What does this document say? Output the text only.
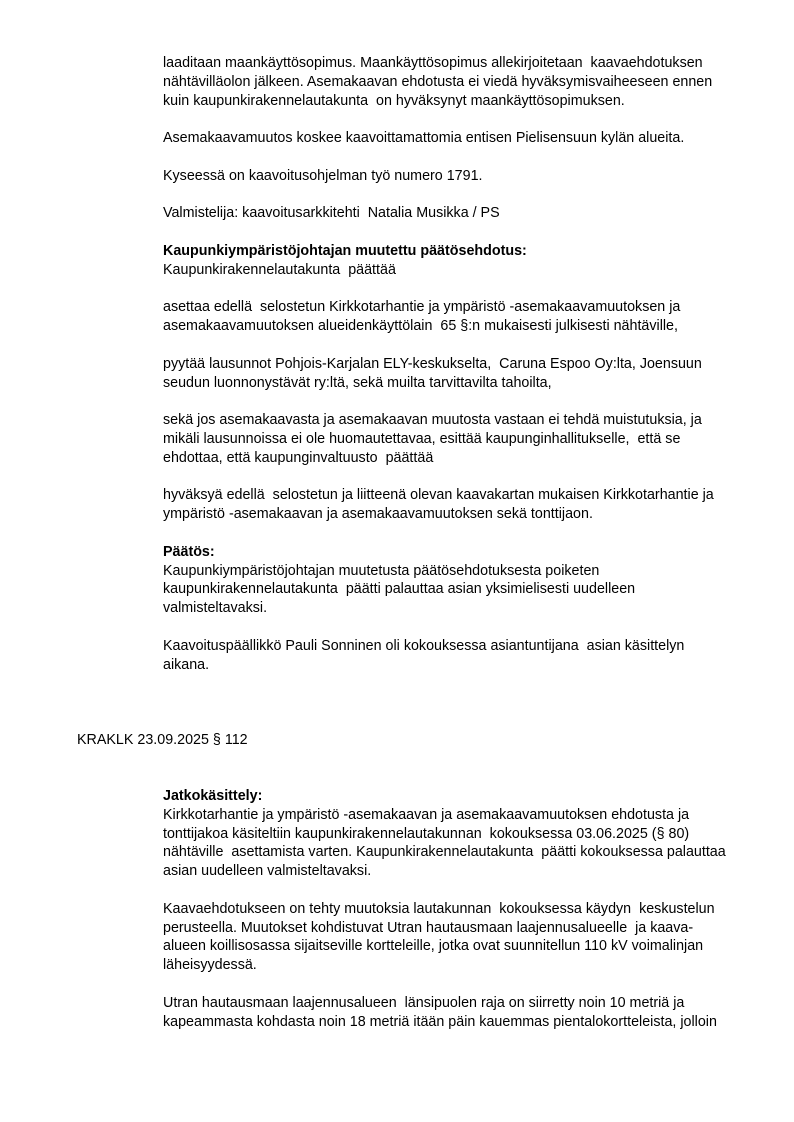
laaditaan maankäyttösopimus. Maankäyttösopimus allekirjoitetaan  kaavaehdotuksen
nähtävilläolon jälkeen. Asemakaavan ehdotusta ei viedä hyväksymisvaiheeseen ennen
kuin kaupunkirakennelautakunta  on hyväksynyt maankäyttösopimuksen.
Asemakaavamuutos koskee kaavoittamattomia entisen Pielisensuun kylän alueita.
Kyseessä on kaavoitusohjelman työ numero 1791.
Valmistelija: kaavoitusarkkitehti  Natalia Musikka / PS
Kaupunkiympäristöjohtajan muutettu päätösehdotus:
Kaupunkirakennelautakunta  päättää
asettaa edellä  selostetun Kirkkotarhantie ja ympäristö -asemakaavamuutoksen ja
asemakaavamuutoksen alueidenkäyttölain  65 §:n mukaisesti julkisesti nähtäville,
pyytää lausunnot Pohjois-Karjalan ELY-keskukselta,  Caruna Espoo Oy:lta, Joensuun
seudun luonnonystävät ry:ltä, sekä muilta tarvittavilta tahoilta,
sekä jos asemakaavasta ja asemakaavan muutosta vastaan ei tehdä muistutuksia, ja
mikäli lausunnoissa ei ole huomautettavaa, esittää kaupunginhallitukselle,  että se
ehdottaa, että kaupunginvaltuusto  päättää
hyväksyä edellä  selostetun ja liitteenä olevan kaavakartan mukaisen Kirkkotarhantie ja
ympäristö -asemakaavan ja asemakaavamuutoksen sekä tonttijaon.
Päätös:
Kaupunkiympäristöjohtajan muutetusta päätösehdotuksesta poiketen
kaupunkirakennelautakunta  päätti palauttaa asian yksimielisesti uudelleen
valmisteltavaksi.
Kaavoituspäällikkö Pauli Sonninen oli kokouksessa asiantuntijana  asian käsittelyn
aikana.
KRAKLK 23.09.2025 § 112
Jatkokäsittely:
Kirkkotarhantie ja ympäristö -asemakaavan ja asemakaavamuutoksen ehdotusta ja
tonttijakoa käsiteltiin kaupunkirakennelautakunnan  kokouksessa 03.06.2025 (§ 80)
nähtäville  asettamista varten. Kaupunkirakennelautakunta  päätti kokouksessa palauttaa
asian uudelleen valmisteltavaksi.
Kaavaehdotukseen on tehty muutoksia lautakunnan  kokouksessa käydyn  keskustelun
perusteella. Muutokset kohdistuvat Utran hautausmaan laajennusalueelle  ja kaava-
alueen koillisosassa sijaitseville kortteleille, jotka ovat suunnitellun 110 kV voimalinjan
läheisyydessä.
Utran hautausmaan laajennusalueen  länsipuolen raja on siirretty noin 10 metriä ja
kapeammasta kohdasta noin 18 metriä itään päin kauemmas pientalokortteleista, jolloin
